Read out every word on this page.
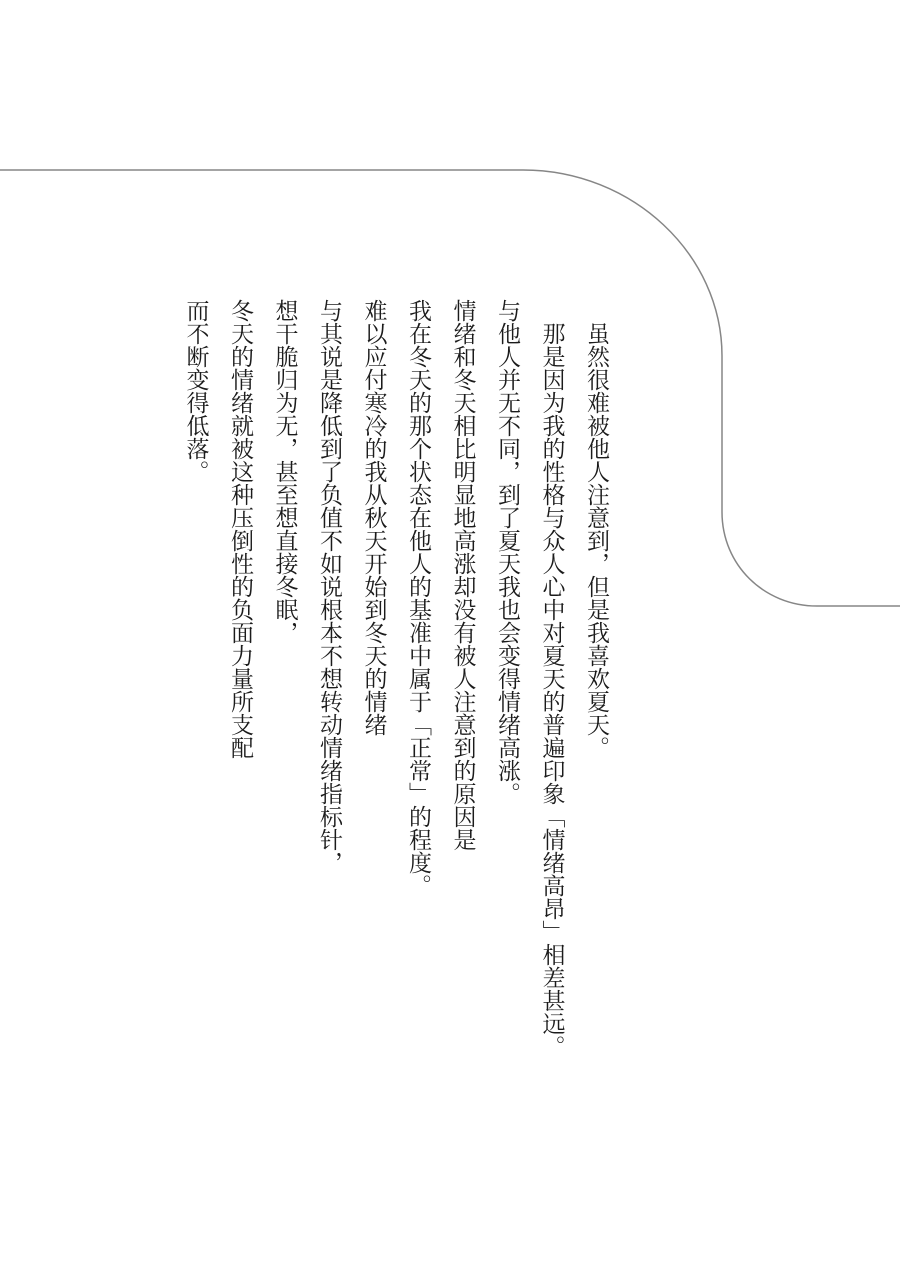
虽然很难被他人注意到，但是我喜欢夏天。

那是因为我的性格与众人心中对夏天的普遍印象「情绪高昂」相差甚远。

与他人并无不同，到了夏天我也会变得情绪高涨。

情绪和冬天相比明显地高涨却没有被人注意到的原因是

我在冬天的那个状态在他人的基准中属于「正常」的程度。

难以应付寒冷的我从秋天开始到冬天的情绪

与其说是降低到了负值不如说根本不想转动情绪指标针，

想干脆归为无，甚至想直接冬眠，

冬天的情绪就被这种压倒性的负面力量所支配

而不断变得低落。
